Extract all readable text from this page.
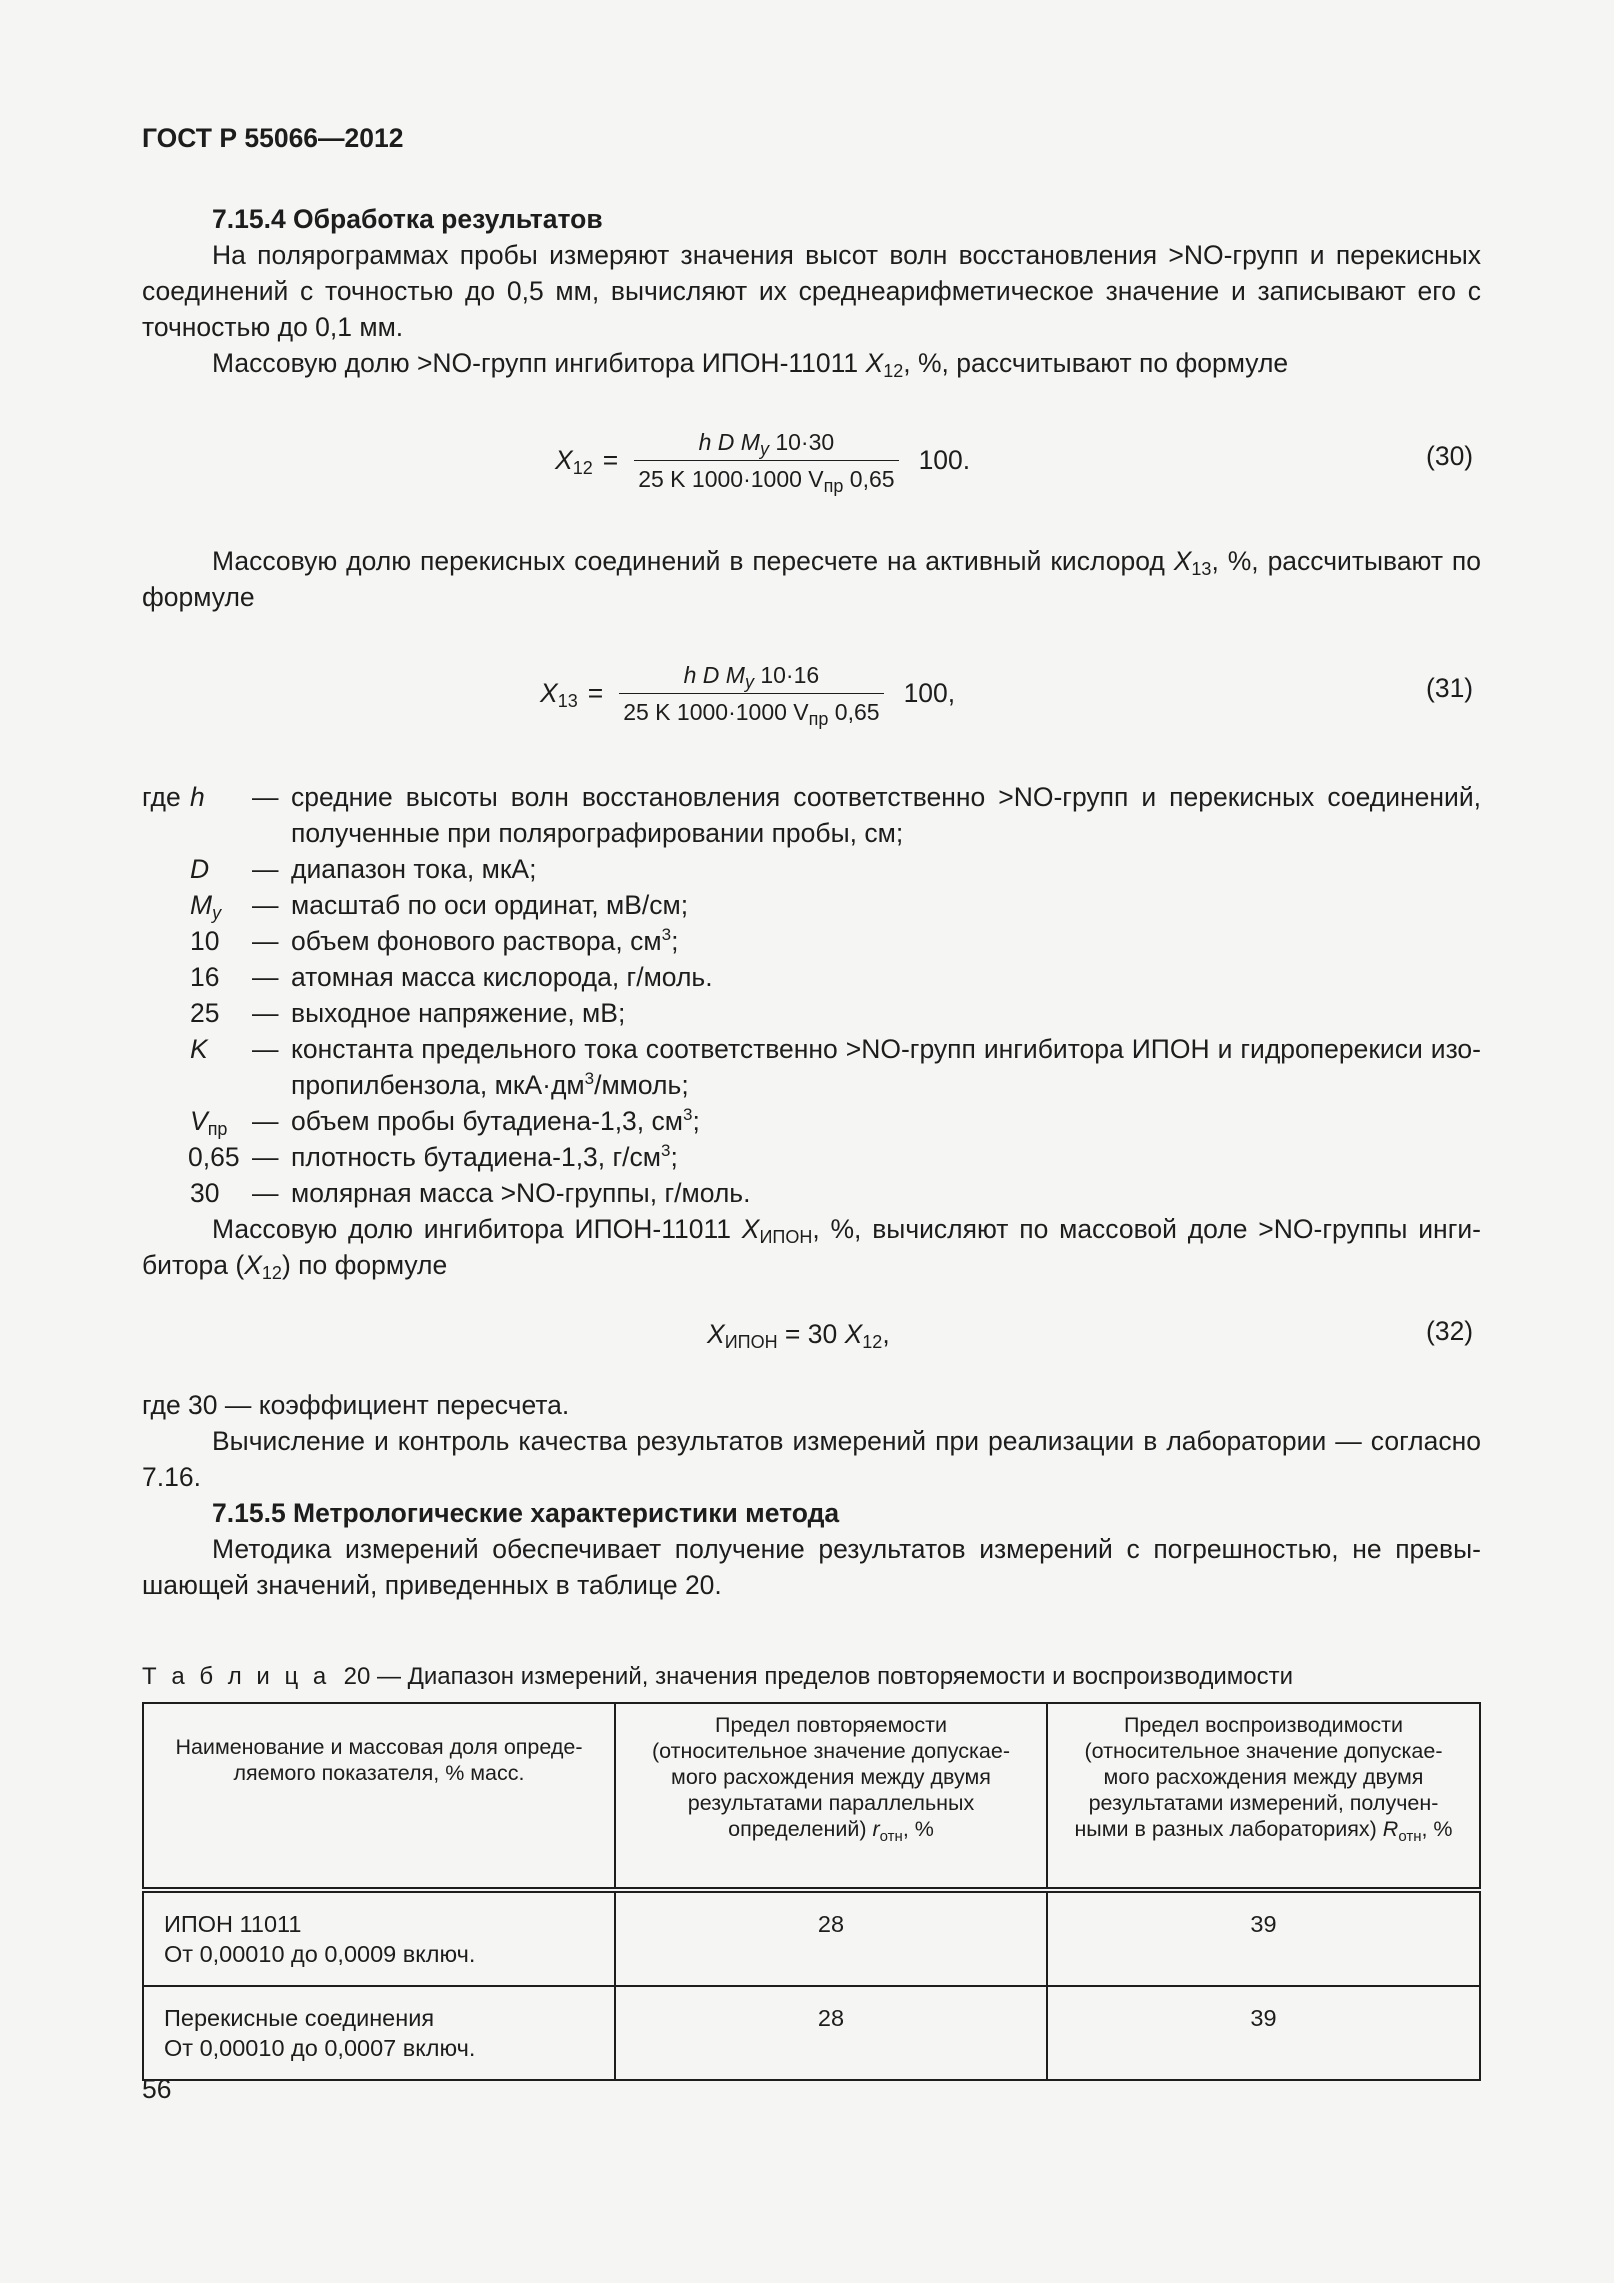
ГОСТ Р 55066—2012
7.15.4 Обработка результатов
На полярограммах пробы измеряют значения высот волн восстановления >NO-групп и перекисных
соединений с точностью до 0,5 мм, вычисляют их среднеарифметическое значение и записывают его с
точностью до 0,1 мм.
Массовую долю >NO-групп ингибитора ИПОН-11011 $X_{12}$, %, рассчитывают по формуле
$X_{12} = \frac{h D M_y 10\cdot 30}{25 K 1000\cdot 1000 V_{пр} 0,65} 100$.	(30)
Массовую долю перекисных соединений в пересчете на активный кислород $X_{13}$, %, рассчитывают по
формуле
$X_{13} = \frac{h D M_y 10\cdot 16}{25 K 1000\cdot 1000 V_{пр} 0,65} 100$,	(31)
где
Массовую долю ингибитора ИПОН-11011 $X_{ИПОН}$, %, вычисляют по массовой доле >NO-группы инги-
битора $(X_{12})$ по формуле
$X_{ИПОН} = 30$ $X_{12}$,	(32)
где 30 — коэффициент пересчета.
Вычисление и контроль качества результатов измерений при реализации в лаборатории — согласно
7.16.
7.15.5 Метрологические характеристики метода
Методика измерений обеспечивает получение результатов измерений с погрешностью, не превы-
шающей значений, приведенных в таблице 20.
Т а б л и ц а 20 — Диапазон измерений, значения пределов повторяемости и воспроизводимости
Наименование и массовая доля опреде-
ляемого показателя, % масс.	Предел повторяемости
(относительное значение допускае-
мого расхождения между двумя
результатами параллельных
определений) $r_{отн}$, %	Предел воспроизводимости
(относительное значение допускае-
мого расхождения между двумя
результатами измерений, получен-
ными в разных лабораториях) $R_{отн}$, %
ИПОН 11011
От 0,00010 до 0,0009 включ.	28	39
Перекисные соединения
От 0,00010 до 0,0007 включ.	28	39
56
h — средние высоты волн восстановления соответственно >NO-групп и перекисных соединений,
полученные при полярографировании пробы, см;
D — диапазон тока, мкА;
$M_y$ — масштаб по оси ординат, мВ/см;
10 — объем фонового раствора, $см^3$;
16 — атомная масса кислорода, г/моль.
25 — выходное напряжение, мВ;
K — константа предельного тока соответственно >NO-групп ингибитора ИПОН и гидроперекиси изо-
пропилбензола, $мкА\cdot дм^3$/ммоль;
$V_{пр}$ — объем пробы бутадиена-1,3, $см^3$;
0,65 — плотность бутадиена-1,3, $г/см^3$;
30 — молярная масса >NO-группы, г/моль.
